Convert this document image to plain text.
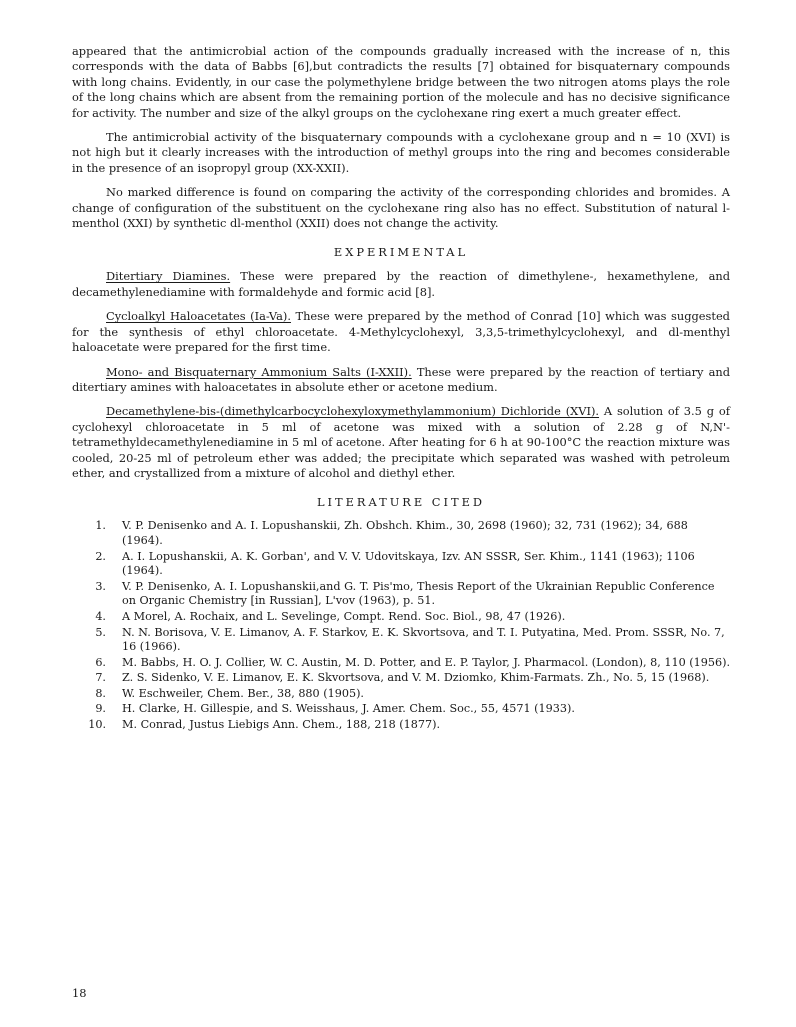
appeared that the antimicrobial action of the compounds gradually increased with the increase of n, this corresponds with the data of Babbs [6],but contradicts the results [7] obtained for bisquaternary compounds with long chains. Evidently, in our case the polymethylene bridge between the two nitrogen atoms plays the role of the long chains which are absent from the remaining portion of the molecule and has no decisive significance for activity. The number and size of the alkyl groups on the cyclohexane ring exert a much greater effect.

The antimicrobial activity of the bisquaternary compounds with a cyclohexane group and n = 10 (XVI) is not high but it clearly increases with the introduction of methyl groups into the ring and becomes considerable in the presence of an isopropyl group (XX-XXII).

No marked difference is found on comparing the activity of the corresponding chlorides and bromides. A change of configuration of the substituent on the cyclohexane ring also has no effect. Substitution of natural l-menthol (XXI) by synthetic dl-menthol (XXII) does not change the activity.

EXPERIMENTAL

Ditertiary Diamines. These were prepared by the reaction of dimethylene-, hexamethylene, and decamethylenediamine with formaldehyde and formic acid [8].

Cycloalkyl Haloacetates (Ia-Va). These were prepared by the method of Conrad [10] which was suggested for the synthesis of ethyl chloroacetate. 4-Methylcyclohexyl, 3,3,5-trimethylcyclohexyl, and dl-menthyl haloacetate were prepared for the first time.

Mono- and Bisquaternary Ammonium Salts (I-XXII). These were prepared by the reaction of tertiary and ditertiary amines with haloacetates in absolute ether or acetone medium.

Decamethylene-bis-(dimethylcarbocyclohexyloxymethylammonium) Dichloride (XVI). A solution of 3.5 g of cyclohexyl chloroacetate in 5 ml of acetone was mixed with a solution of 2.28 g of N,N'-tetramethyldecamethylenediamine in 5 ml of acetone. After heating for 6 h at 90-100°C the reaction mixture was cooled, 20-25 ml of petroleum ether was added; the precipitate which separated was washed with petroleum ether, and crystallized from a mixture of alcohol and diethyl ether.

LITERATURE CITED
1.	V. P. Denisenko and A. I. Lopushanskii, Zh. Obshch. Khim., 30, 2698 (1960); 32, 731 (1962); 34, 688 (1964).
2.	A. I. Lopushanskii, A. K. Gorban', and V. V. Udovitskaya, Izv. AN SSSR, Ser. Khim., 1141 (1963); 1106 (1964).
3.	V. P. Denisenko, A. I. Lopushanskii,and G. T. Pis'mo, Thesis Report of the Ukrainian Republic Conference on Organic Chemistry [in Russian], L'vov (1963), p. 51.
4.	A Morel, A. Rochaix, and L. Sevelinge, Compt. Rend. Soc. Biol., 98, 47 (1926).
5.	N. N. Borisova, V. E. Limanov, A. F. Starkov, E. K. Skvortsova, and T. I. Putyatina, Med. Prom. SSSR, No. 7, 16 (1966).
6.	M. Babbs, H. O. J. Collier, W. C. Austin, M. D. Potter, and E. P. Taylor, J. Pharmacol. (London), 8, 110 (1956).
7.	Z. S. Sidenko, V. E. Limanov, E. K. Skvortsova, and V. M. Dziomko, Khim-Farmats. Zh., No. 5, 15 (1968).
8.	W. Eschweiler, Chem. Ber., 38, 880 (1905).
9.	H. Clarke, H. Gillespie, and S. Weisshaus, J. Amer. Chem. Soc., 55, 4571 (1933).
10.	M. Conrad, Justus Liebigs Ann. Chem., 188, 218 (1877).
18
